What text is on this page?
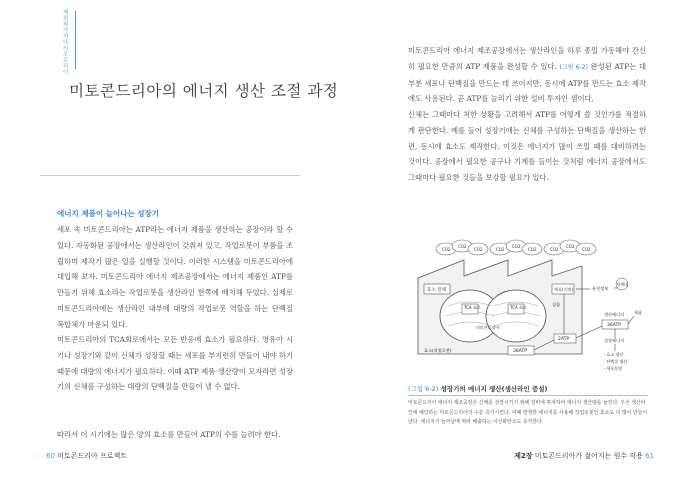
제
원
외
가
지
나
의
조
로
리
이
미토콘드리아의 에너지 생산 조절 과정
에너지 제품이 늘어나는 성장기

세포 속 미토콘드리아는 ATP라는 에너지 제품을 생산하는 공장이라 할 수 있다. 자동화된 공장에서는 생산라인이 갖춰져 있고, 작업로봇이 부품을 조립하며 제작기 많은 일을 실행할 것이다. 이러한 시스템을 미토콘드리아에 대입해 보자. 미토콘드리아 에너지 제조공장에서는 에너지 제품인 ATP를 만들기 위해 효소라는 작업로봇을 생산라인 한쪽에 배치해 두었다. 실제로 미토콘드리아에는 생산라인 내부에 대량의 작업로봇 역할을 하는 단백질 복합체가 마운되 있다.

미토콘드리아의 TCA회로에서는 모든 반응에 효소가 필요하다. 영유아 시기나 성장기와 같이 신체가 성장할 때는 세포를 부지런히 만들어 내야 하기 때문에 대량의 에너지가 필요하다. 이때 ATP 제품 생산량이 모자라면 성장기의 신체를 구성하는 대량의 단백질을 만들어 낼 수 없다.

따라서 이 시기에는 많은 양의 효소를 만들어 ATP의 수를 늘려야 한다.

미토콘드리아 에너지 제조공장에서는 생산라인을 하루 종일 가동해야 간신히 필요한 만큼의 ATP 제품을 완성할 수 있다. (그림 6-2) 완성된 ATP는 대부분 세포나 단백질을 만드는 데 쓰이지만, 동시에 ATP를 만드는 효소 제작에도 사용된다. 곧 ATP를 늘리기 위한 설비 투자인 셈이다.

신체는 그때마다 처한 상황을 고려해서 ATP를 어떻게 쓸 것인가를 적절하게 판단한다. 예를 들어 성장기에는 신체를 구성하는 단백질을 생산하는 한편, 동시에 효소도 제작한다. 이것은 에너지가 많이 쓰일 때를 대비하려는 것이다. 공장에서 필요한 공구나 기계를 들이는 것처럼 에너지 공장에서도 그때마다 필요한 것들을 보강할 필요가 있다.

CO2
CO2
CO2	CO2
CO2
CO2	CO2
CO2
CO2
효소 전체
TCA 회로	TCA 회로
미토콘드리아
효소(작업로봇)	36ATP
세포(기관)	유전정보
단백질
집합
2ATP
생산에너지
36ATP
제품
성장에너지
· 효소 생산
· 단백질 생산
· 세포분열
(그림 6-2) 성장기의 에너지 생산(생산라인 증설)

미토콘드리아 에너지 제조공장은 신체를 성장시키기 위해 설비에 투자하여 에너지 생산량을 늘린다. 우선 생산라인에 해당하는 미토콘드리아의 수를 증가시킨다. 이때 발생한 에너지를 사용해 작업로봇인 효소도 더 많이 만들어 낸다. 에너지가 늘어남에 따라 배출하는 이산화탄소도 증가한다.

60 미토콘드리아 프로젝트	제2장 미토콘드리아가 젊어지는 원수 작용 61
